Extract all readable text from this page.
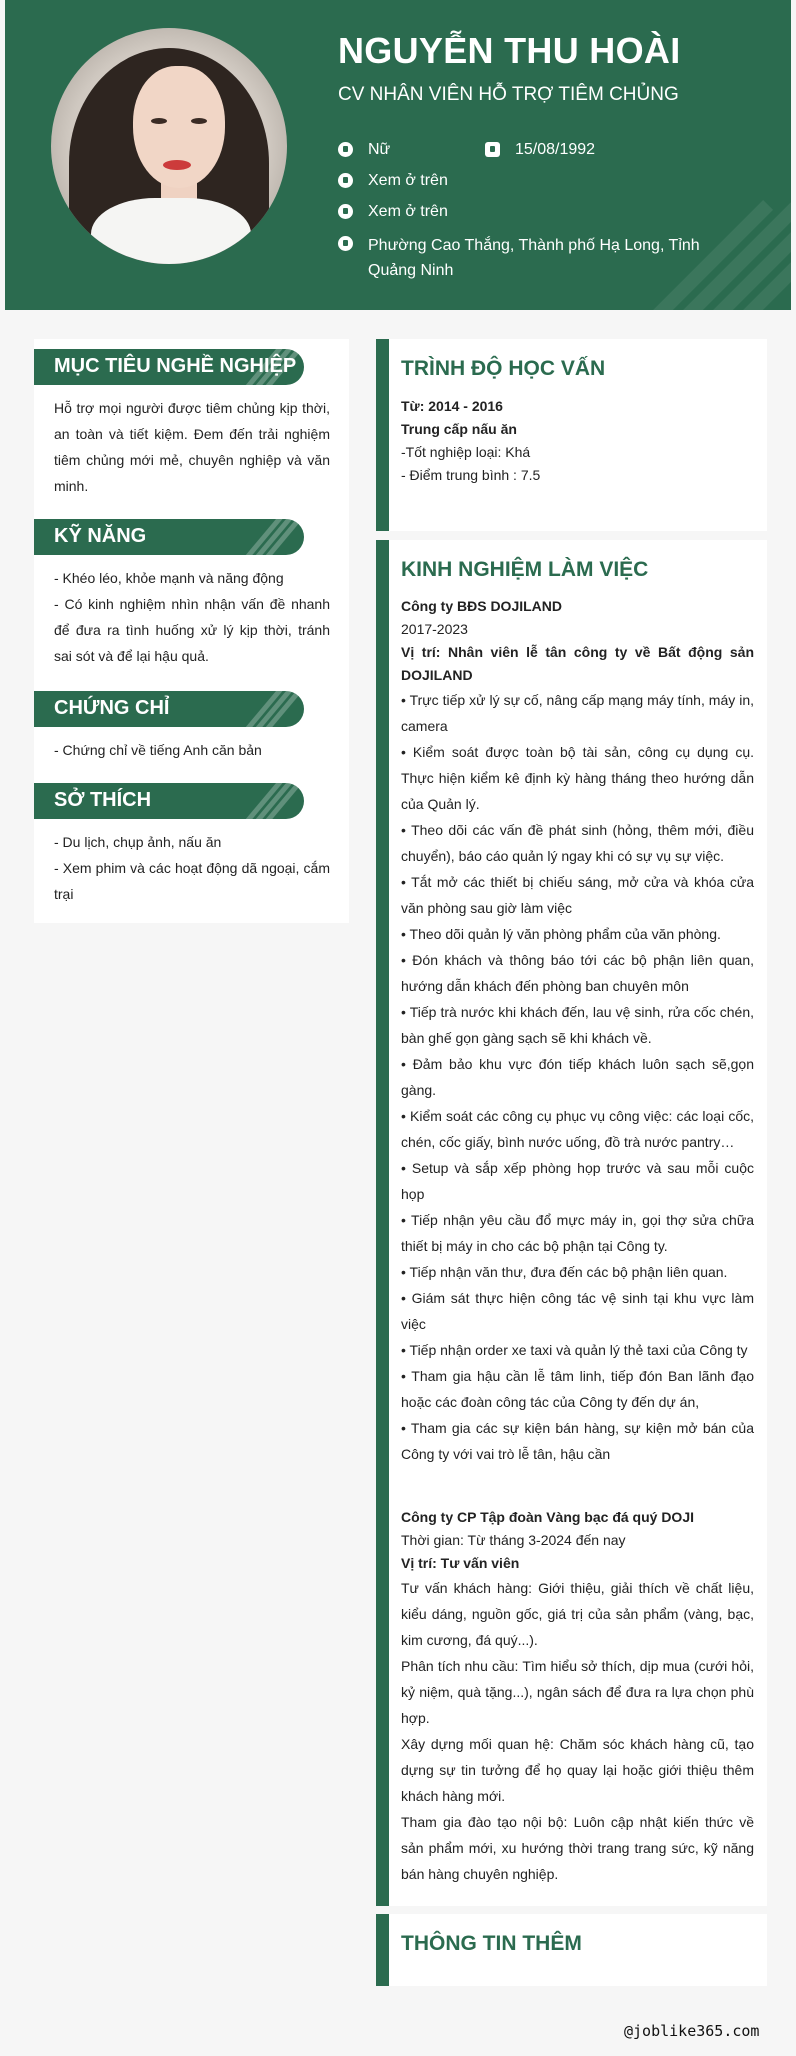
NGUYỄN THU HOÀI
CV NHÂN VIÊN HỖ TRỢ TIÊM CHỦNG
Nữ	15/08/1992
Xem ở trên
Xem ở trên
Phường Cao Thắng, Thành phố Hạ Long, Tỉnh
Quảng Ninh
MỤC TIÊU NGHỀ NGHIỆP
Hỗ trợ mọi người được tiêm chủng kịp thời, an toàn và tiết kiệm. Đem đến trải nghiệm tiêm chủng mới mẻ, chuyên nghiệp và văn minh.
KỸ NĂNG
- Khéo léo, khỏe mạnh và năng động
- Có kinh nghiệm nhìn nhận vấn đề nhanh để đưa ra tình huống xử lý kịp thời, tránh sai sót và để lại hậu quả.
CHỨNG CHỈ
- Chứng chỉ về tiếng Anh căn bản
SỞ THÍCH
- Du lịch, chụp ảnh, nấu ăn
- Xem phim và các hoạt động dã ngoại, cắm trại
TRÌNH ĐỘ HỌC VẤN

Từ: 2014 - 2016

Trung cấp nấu ăn

-Tốt nghiệp loại: Khá

- Điểm trung bình : 7.5

KINH NGHIỆM LÀM VIỆC

Công ty BĐS DOJILAND

2017-2023

Vị trí: Nhân viên lễ tân công ty về Bất động sản DOJILAND

• Trực tiếp xử lý sự cố, nâng cấp mạng máy tính, máy in, camera

• Kiểm soát được toàn bộ tài sản, công cụ dụng cụ. Thực hiện kiểm kê định kỳ hàng tháng theo hướng dẫn của Quản lý.

• Theo dõi các vấn đề phát sinh (hỏng, thêm mới, điều chuyển), báo cáo quản lý ngay khi có sự vụ sự việc.

• Tắt mở các thiết bị chiếu sáng, mở cửa và khóa cửa văn phòng sau giờ làm việc

• Theo dõi quản lý văn phòng phẩm của văn phòng.

• Đón khách và thông báo tới các bộ phận liên quan, hướng dẫn khách đến phòng ban chuyên môn

• Tiếp trà nước khi khách đến, lau vệ sinh, rửa cốc chén, bàn ghế gọn gàng sạch sẽ khi khách về.

• Đảm bảo khu vực đón tiếp khách luôn sạch sẽ,gọn gàng.

• Kiểm soát các công cụ phục vụ công việc: các loại cốc, chén, cốc giấy, bình nước uống, đồ trà nước pantry…

• Setup và sắp xếp phòng họp trước và sau mỗi cuộc họp

• Tiếp nhận yêu cầu đổ mực máy in, gọi thợ sửa chữa thiết bị máy in cho các bộ phận tại Công ty.

• Tiếp nhận văn thư, đưa đến các bộ phận liên quan.

• Giám sát thực hiện công tác vệ sinh tại khu vực làm việc

• Tiếp nhận order xe taxi và quản lý thẻ taxi của Công ty

• Tham gia hậu cần lễ tâm linh, tiếp đón Ban lãnh đạo hoặc các đoàn công tác của Công ty đến dự án,

• Tham gia các sự kiện bán hàng, sự kiện mở bán của Công ty với vai trò lễ tân, hậu cần

Công ty CP Tập đoàn Vàng bạc đá quý DOJI

Thời gian: Từ tháng 3-2024 đến nay

Vị trí: Tư vấn viên

Tư vấn khách hàng: Giới thiệu, giải thích về chất liệu, kiểu dáng, nguồn gốc, giá trị của sản phẩm (vàng, bạc, kim cương, đá quý...).

Phân tích nhu cầu: Tìm hiểu sở thích, dịp mua (cưới hỏi, kỷ niệm, quà tặng...), ngân sách để đưa ra lựa chọn phù hợp.

Xây dựng mối quan hệ: Chăm sóc khách hàng cũ, tạo dựng sự tin tưởng để họ quay lại hoặc giới thiệu thêm khách hàng mới.

Tham gia đào tạo nội bộ: Luôn cập nhật kiến thức về sản phẩm mới, xu hướng thời trang trang sức, kỹ năng bán hàng chuyên nghiệp.

THÔNG TIN THÊM
@joblike365.com
